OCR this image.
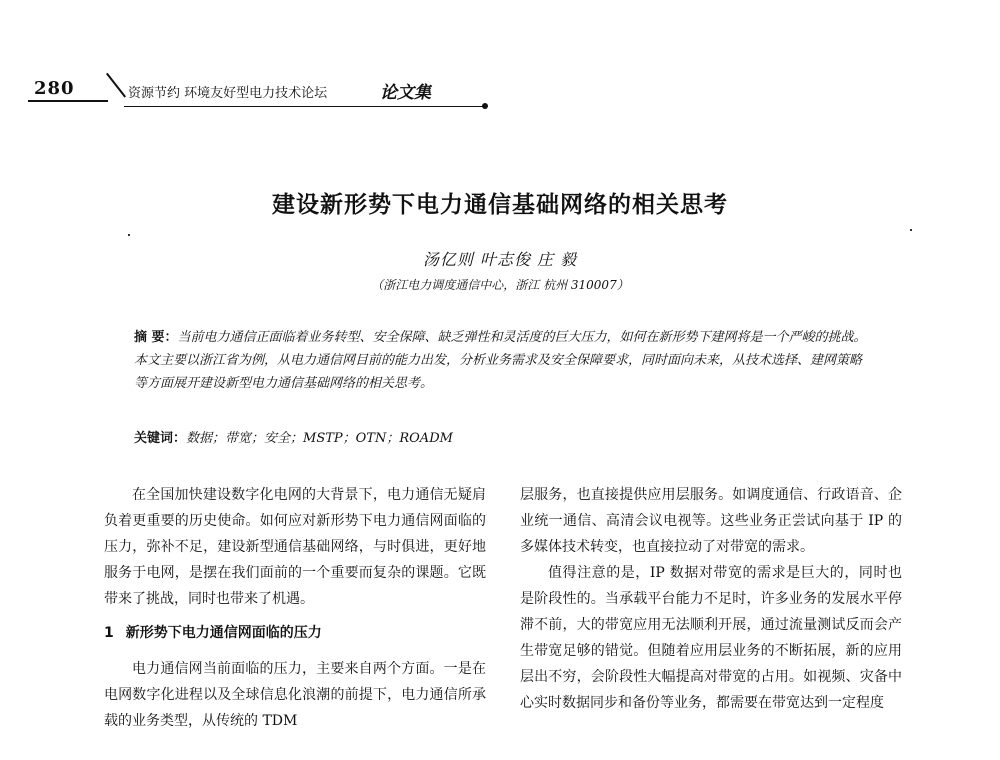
280	资源节约 环境友好型电力技术论坛	论文集
建设新形势下电力通信基础网络的相关思考
汤亿则 叶志俊 庄 毅
（浙江电力调度通信中心，浙江 杭州 310007）
摘 要：当前电力通信正面临着业务转型、安全保障、缺乏弹性和灵活度的巨大压力，如何在新形势下建网将是一个严峻的挑战。本文主要以浙江省为例，从电力通信网目前的能力出发，分析业务需求及安全保障要求，同时面向未来，从技术选择、建网策略等方面展开建设新型电力通信基础网络的相关思考。
关键词：数据；带宽；安全；MSTP；OTN；ROADM

在全国加快建设数字化电网的大背景下，电力通信无疑肩负着更重要的历史使命。如何应对新形势下电力通信网面临的压力，弥补不足，建设新型通信基础网络，与时俱进，更好地服务于电网，是摆在我们面前的一个重要而复杂的课题。它既带来了挑战，同时也带来了机遇。

1 新形势下电力通信网面临的压力

电力通信网当前面临的压力，主要来自两个方面。一是在电网数字化进程以及全球信息化浪潮的前提下，电力通信所承载的业务类型，从传统的 TDM

层服务，也直接提供应用层服务。如调度通信、行政语音、企业统一通信、高清会议电视等。这些业务正尝试向基于 IP 的多媒体技术转变，也直接拉动了对带宽的需求。

值得注意的是，IP 数据对带宽的需求是巨大的，同时也是阶段性的。当承载平台能力不足时，许多业务的发展水平停滞不前，大的带宽应用无法顺利开展，通过流量测试反而会产生带宽足够的错觉。但随着应用层业务的不断拓展，新的应用层出不穷，会阶段性大幅提高对带宽的占用。如视频、灾备中心实时数据同步和备份等业务，都需要在带宽达到一定程度
